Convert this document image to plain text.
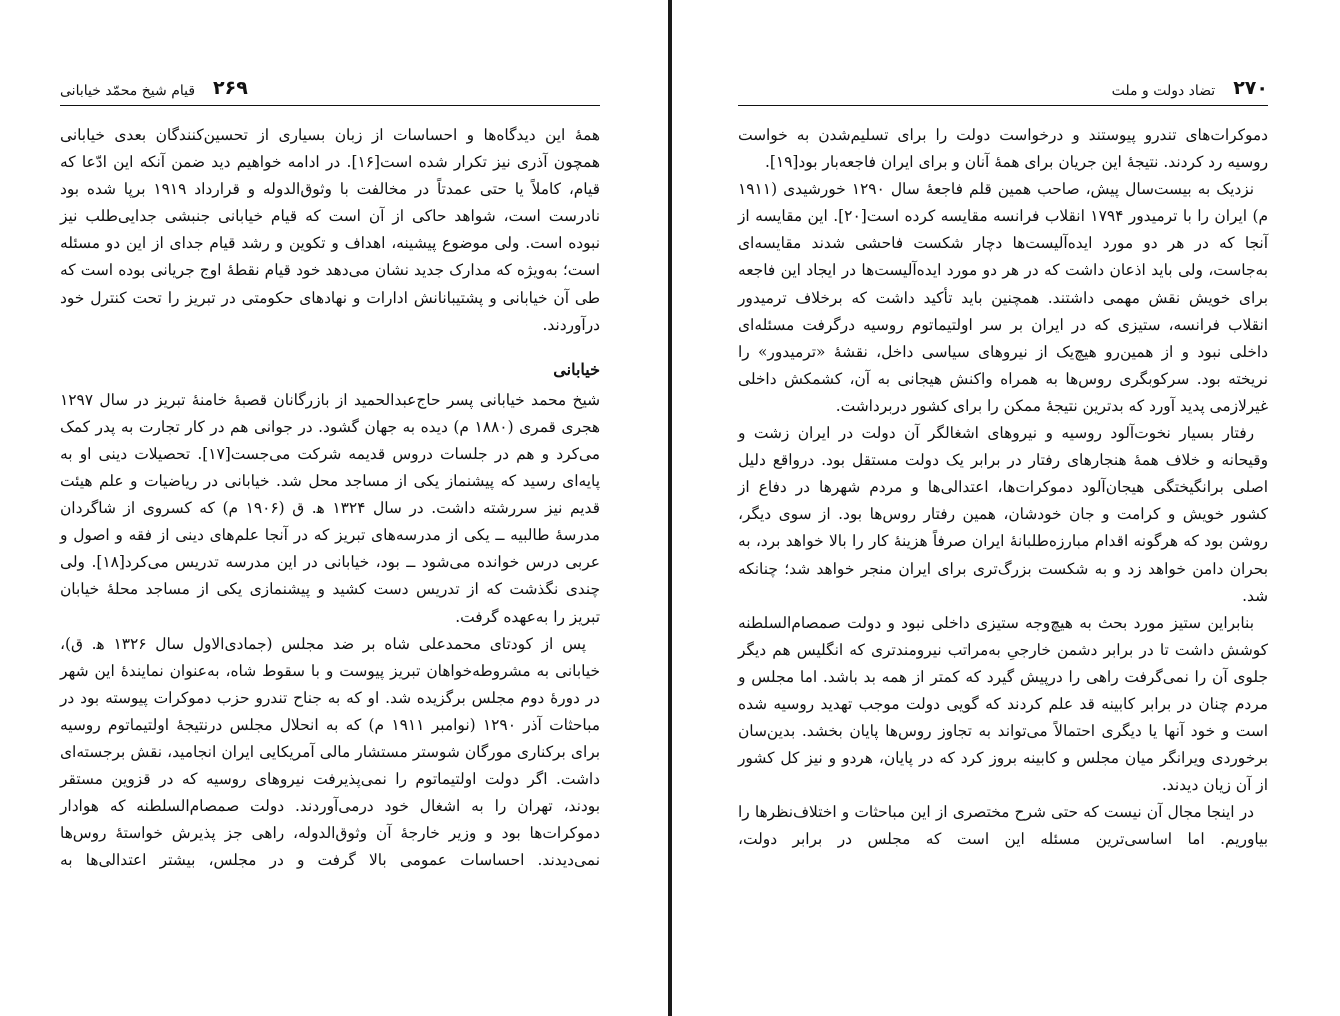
قیام شیخ محمّد خیابانی ۲۶۹

همهٔ این دیدگاه‌ها و احساسات از زبان بسیاری از تحسین‌کنندگان بعدی خیابانی همچون آذری نیز تکرار شده است[۱۶]. در ادامه خواهیم دید ضمن آنکه این ادّعا که قیام، کاملاً یا حتی عمدتاً در مخالفت با وثوق‌الدوله و قرارداد ۱۹۱۹ برپا شده بود نادرست است، شواهد حاکی از آن است که قیام خیابانی جنبشی جدایی‌طلب نیز نبوده است. ولی موضوع پیشینه، اهداف و تکوین و رشد قیام جدای از این دو مسئله است؛ به‌ویژه که مدارک جدید نشان می‌دهد خود قیام نقطهٔ اوج جریانی بوده است که طی آن خیابانی و پشتیبانانش ادارات و نهادهای حکومتی در تبریز را تحت کنترل خود درآوردند.

خیابانی

شیخ محمد خیابانی پسر حاج‌عبدالحمید از بازرگانان قصبهٔ خامنهٔ تبریز در سال ۱۲۹۷ هجری قمری (۱۸۸۰ م) دیده به جهان گشود. در جوانی هم در کار تجارت به پدر کمک می‌کرد و هم در جلسات دروس قدیمه شرکت می‌جست[۱۷]. تحصیلات دینی او به پایه‌ای رسید که پیشنماز یکی از مساجد محل شد. خیابانی در ریاضیات و علم هیئت قدیم نیز سررشته داشت. در سال ۱۳۲۴ ه‍. ق (۱۹۰۶ م) که کسروی از شاگردان مدرسهٔ طالبیه ــ یکی از مدرسه‌های تبریز که در آنجا علم‌های دینی از فقه و اصول و عربی درس خوانده می‌شود ــ بود، خیابانی در این مدرسه تدریس می‌کرد[۱۸]. ولی چندی نگذشت که از تدریس دست کشید و پیشنمازی یکی از مساجد محلهٔ خیابان تبریز را به‌عهده گرفت.

پس از کودتای محمدعلی شاه بر ضد مجلس (جمادی‌الاول سال ۱۳۲۶ ه‍. ق)، خیابانی به مشروطه‌خواهان تبریز پیوست و با سقوط شاه، به‌عنوان نمایندهٔ این شهر در دورهٔ دوم مجلس برگزیده شد. او که به جناح تندرو حزب دموکرات پیوسته بود در مباحثات آذر ۱۲۹۰ (نوامبر ۱۹۱۱ م) که به انحلال مجلس درنتیجهٔ اولتیماتوم روسیه برای برکناری مورگان شوستر مستشار مالی آمریکایی ایران انجامید، نقش برجسته‌ای داشت. اگر دولت اولتیماتوم را نمی‌پذیرفت نیروهای روسیه که در قزوین مستقر بودند، تهران را به اشغال خود درمی‌آوردند. دولت صمصام‌السلطنه که هوادار دموکرات‌ها بود و وزیر خارجهٔ آن وثوق‌الدوله، راهی جز پذیرش خواستهٔ روس‌ها نمی‌دیدند. احساسات عمومی بالا گرفت و در مجلس، بیشتر اعتدالی‌ها به

۲۷۰
تضاد دولت و ملت

دموکرات‌های تندرو پیوستند و درخواست دولت را برای تسلیم‌شدن به خواست روسیه رد کردند. نتیجهٔ این جریان برای همهٔ آنان و برای ایران فاجعه‌بار بود[۱۹].

نزدیک به بیست‌سال پیش، صاحب همین قلم فاجعهٔ سال ۱۲۹۰ خورشیدی (۱۹۱۱ م) ایران را با ترمیدور ۱۷۹۴ انقلاب فرانسه مقایسه کرده است[۲۰]. این مقایسه از آنجا که در هر دو مورد ایده‌آلیست‌ها دچار شکست فاحشی شدند مقایسه‌ای به‌جاست، ولی باید اذعان داشت که در هر دو مورد ایده‌آلیست‌ها در ایجاد این فاجعه برای خویش نقش مهمی داشتند. همچنین باید تأکید داشت که برخلاف ترمیدور انقلاب فرانسه، ستیزی که در ایران بر سر اولتیماتوم روسیه درگرفت مسئله‌ای داخلی نبود و از همین‌رو هیچ‌یک از نیروهای سیاسی داخل، نقشهٔ «ترمیدور» را نریخته بود. سرکوبگری روس‌ها به همراه واکنش هیجانی به آن، کشمکش داخلی غیرلازمی پدید آورد که بدترین نتیجهٔ ممکن را برای کشور دربرداشت.

رفتار بسیار نخوت‌آلود روسیه و نیروهای اشغالگر آن دولت در ایران زشت و وقیحانه و خلاف همهٔ هنجارهای رفتار در برابر یک دولت مستقل بود. درواقع دلیل اصلی برانگیختگی هیجان‌آلود دموکرات‌ها، اعتدالی‌ها و مردم شهرها در دفاع از کشور خویش و کرامت و جان خودشان، همین رفتار روس‌ها بود. از سوی دیگر، روشن بود که هرگونه اقدام مبارزه‌طلبانهٔ ایران صرفاً هزینهٔ کار را بالا خواهد برد، به بحران دامن خواهد زد و به شکست بزرگ‌تری برای ایران منجر خواهد شد؛ چنانکه شد.

بنابراین ستیز مورد بحث به هیچ‌وجه ستیزی داخلی نبود و دولت صمصام‌السلطنه کوشش داشت تا در برابر دشمن خارجیِ به‌مراتب نیرومندتری که انگلیس هم دیگر جلوی آن را نمی‌گرفت راهی را درپیش گیرد که کمتر از همه بد باشد. اما مجلس و مردم چنان در برابر کابینه قد علم کردند که گویی دولت موجب تهدید روسیه شده است و خود آنها یا دیگری احتمالاً می‌تواند به تجاوز روس‌ها پایان بخشد. بدین‌سان برخوردی ویرانگر میان مجلس و کابینه بروز کرد که در پایان، هردو و نیز کل کشور از آن زیان دیدند.

در اینجا مجال آن نیست که حتی شرح مختصری از این مباحثات و اختلاف‌نظرها را بیاوریم. اما اساسی‌ترین مسئله این است که مجلس در برابر دولت،
